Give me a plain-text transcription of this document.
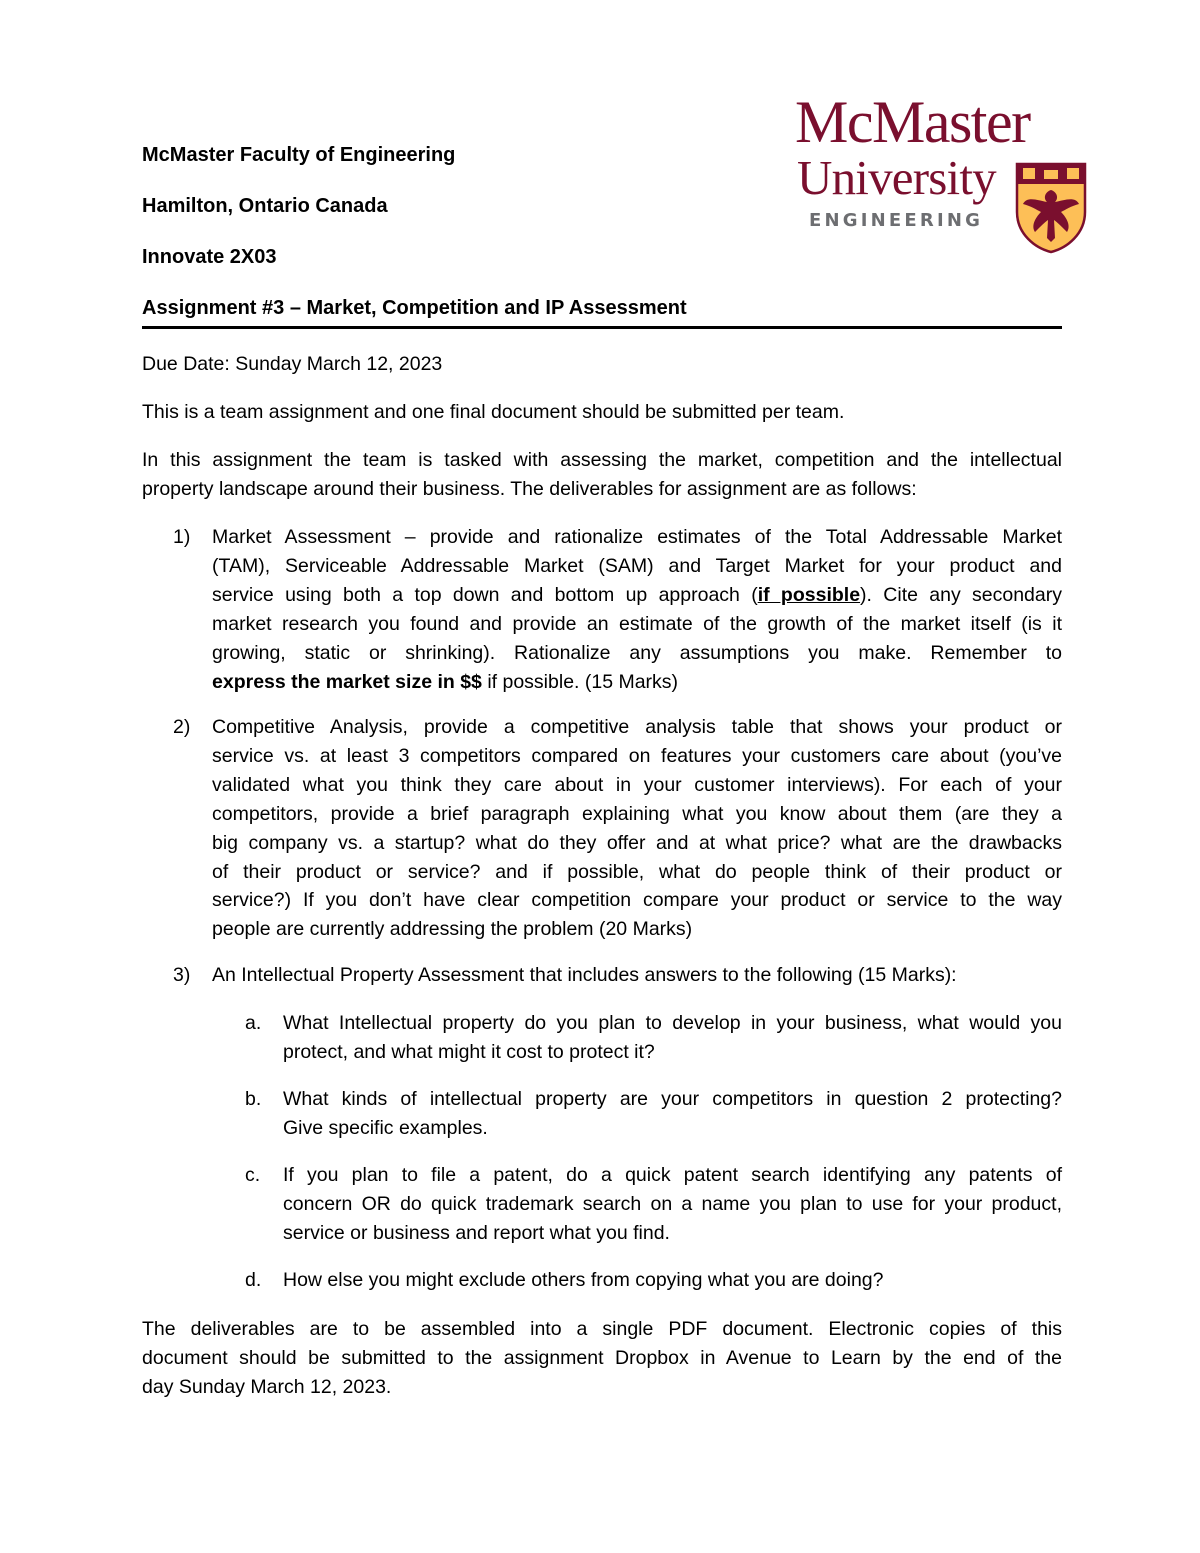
McMaster
University
ENGINEERING
McMaster Faculty of Engineering
Hamilton, Ontario Canada
Innovate 2X03
Assignment #3 – Market, Competition and IP Assessment
Due Date: Sunday March 12, 2023
This is a team assignment and one final document should be submitted per team.
In this assignment the team is tasked with assessing the market, competition and the intellectual
property landscape around their business. The deliverables for assignment are as follows:
1) Market Assessment – provide and rationalize estimates of the Total Addressable Market
(TAM), Serviceable Addressable Market (SAM) and Target Market for your product and
service using both a top down and bottom up approach (if possible). Cite any secondary
market research you found and provide an estimate of the growth of the market itself (is it
growing, static or shrinking). Rationalize any assumptions you make. Remember to
express the market size in $$ if possible. (15 Marks)
2) Competitive Analysis, provide a competitive analysis table that shows your product or
service vs. at least 3 competitors compared on features your customers care about (you’ve
validated what you think they care about in your customer interviews). For each of your
competitors, provide a brief paragraph explaining what you know about them (are they a
big company vs. a startup? what do they offer and at what price? what are the drawbacks
of their product or service? and if possible, what do people think of their product or
service?) If you don’t have clear competition compare your product or service to the way
people are currently addressing the problem (20 Marks)
3) An Intellectual Property Assessment that includes answers to the following (15 Marks):
a. What Intellectual property do you plan to develop in your business, what would you
protect, and what might it cost to protect it?
b. What kinds of intellectual property are your competitors in question 2 protecting?
Give specific examples.
c. If you plan to file a patent, do a quick patent search identifying any patents of
concern OR do quick trademark search on a name you plan to use for your product,
service or business and report what you find.
d. How else you might exclude others from copying what you are doing?
The deliverables are to be assembled into a single PDF document. Electronic copies of this
document should be submitted to the assignment Dropbox in Avenue to Learn by the end of the
day Sunday March 12, 2023.
